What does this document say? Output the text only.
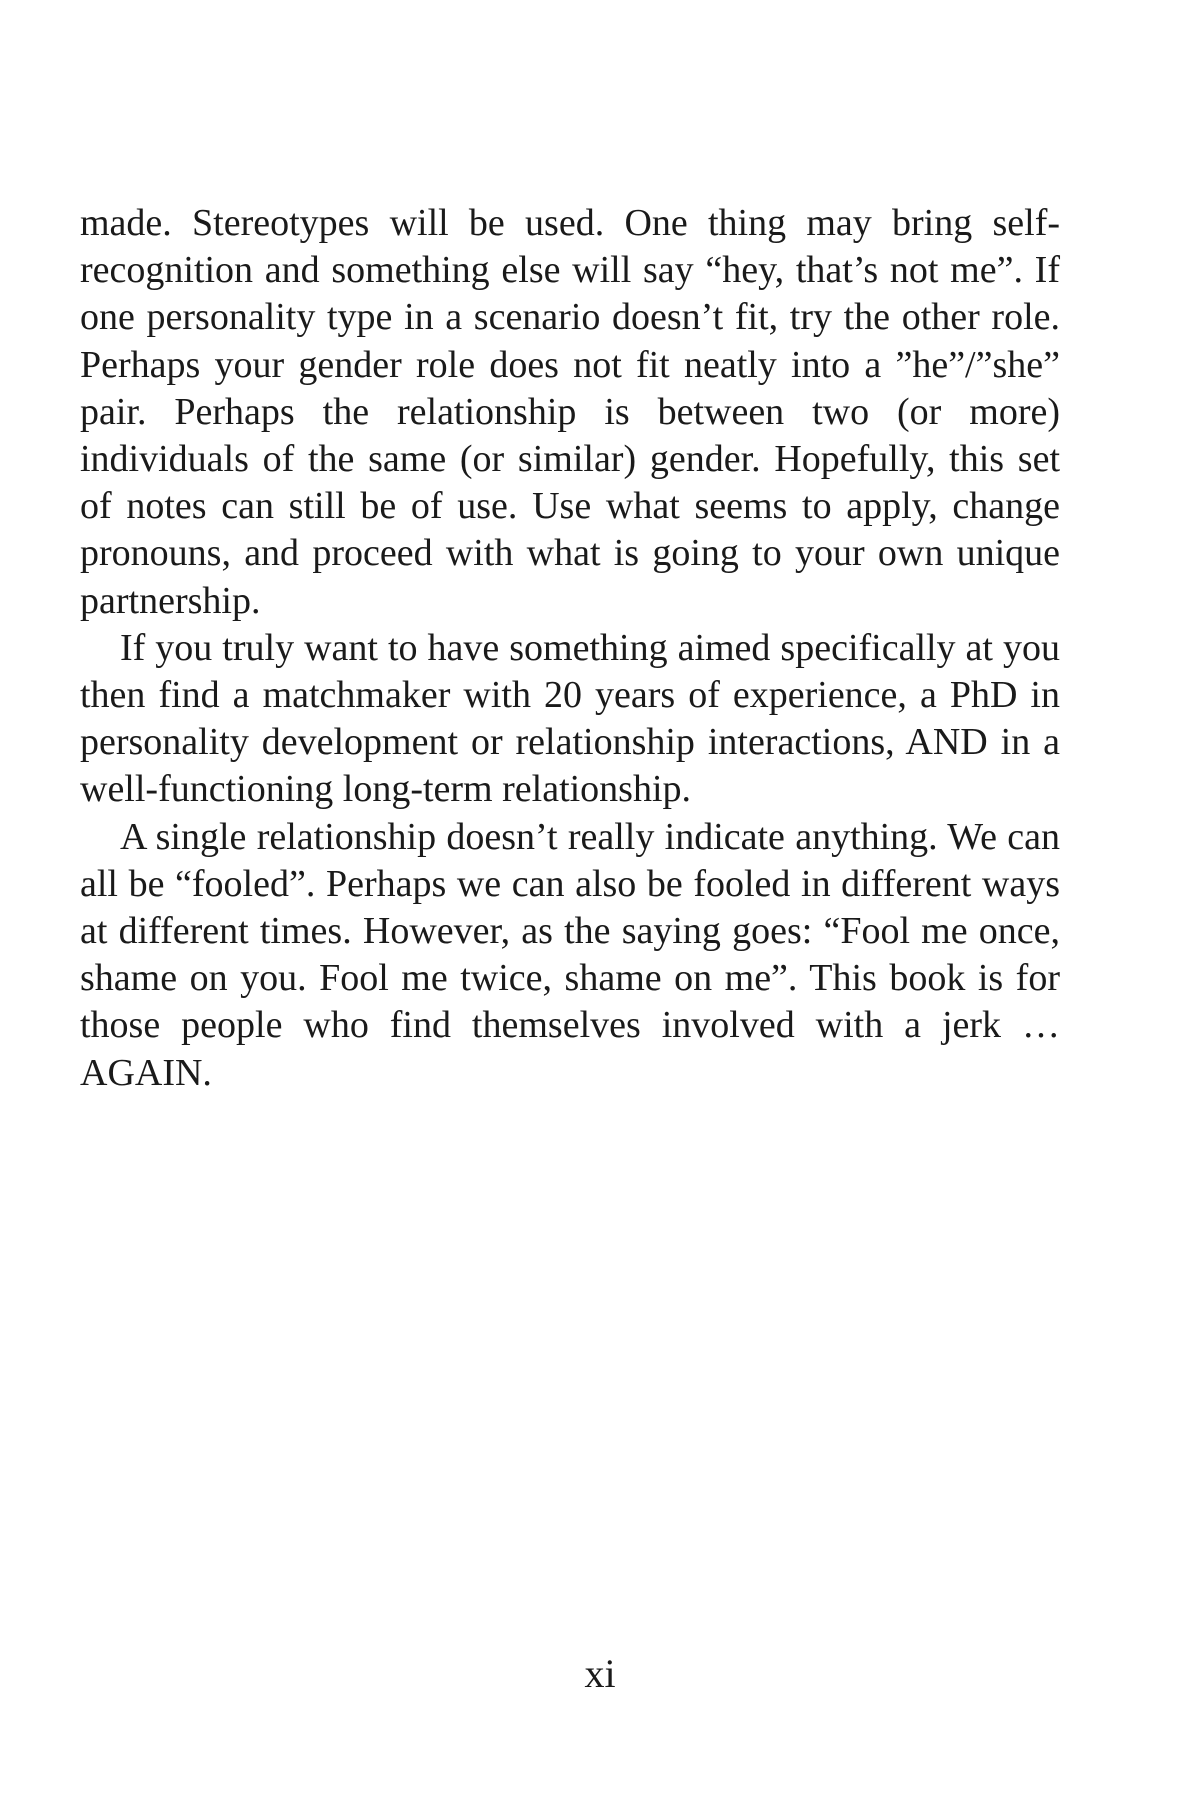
made. Stereotypes will be used. One thing may bring self-recognition and something else will say “hey, that’s not me”. If one personality type in a scenario doesn’t fit, try the other role. Perhaps your gender role does not fit neatly into a ”he”/”she” pair. Perhaps the relationship is between two (or more) individuals of the same (or similar) gender. Hopefully, this set of notes can still be of use. Use what seems to apply, change pronouns, and proceed with what is going to your own unique partnership.

If you truly want to have something aimed specifically at you then find a matchmaker with 20 years of experience, a PhD in personality development or relationship interactions, AND in a well-functioning long-term relationship.

A single relationship doesn’t really indicate anything. We can all be “fooled”. Perhaps we can also be fooled in different ways at different times. However, as the saying goes: “Fool me once, shame on you. Fool me twice, shame on me”. This book is for those people who find themselves involved with a jerk … AGAIN.

xi
